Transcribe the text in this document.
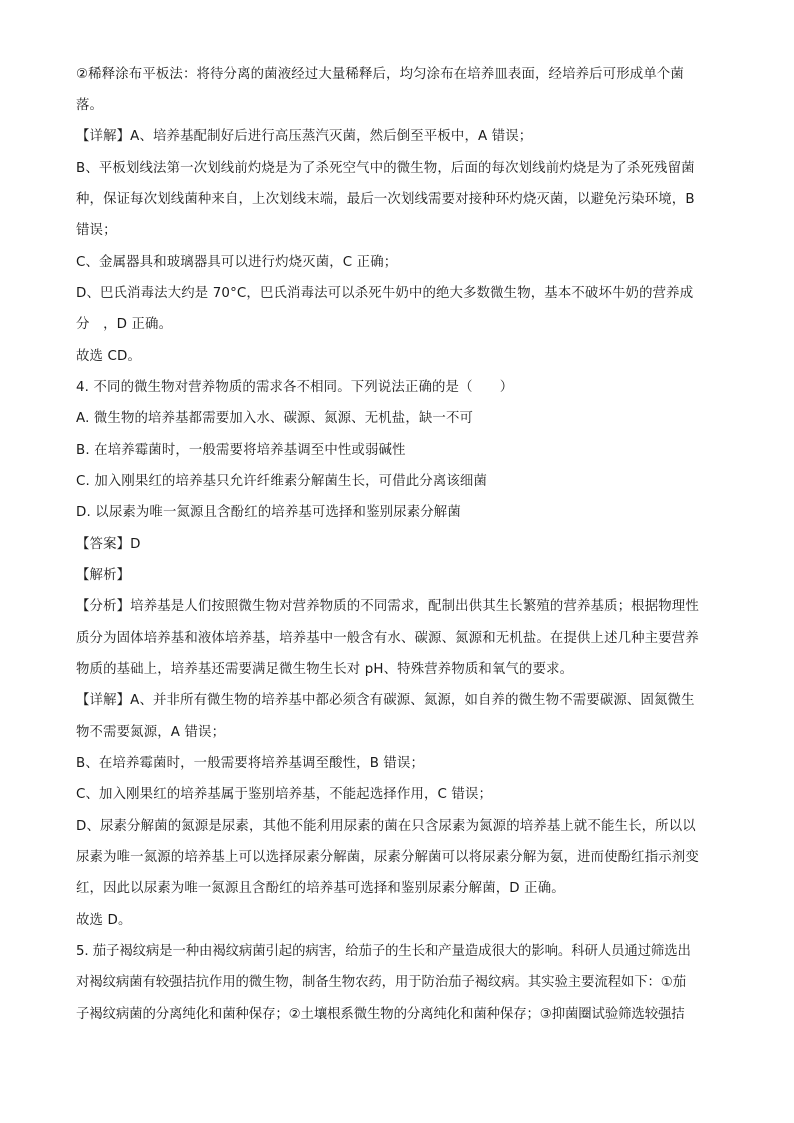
②稀释涂布平板法：将待分离的菌液经过大量稀释后，均匀涂布在培养皿表面，经培养后可形成单个菌
落。
【详解】A、培养基配制好后进行高压蒸汽灭菌，然后倒至平板中，A 错误；
B、平板划线法第一次划线前灼烧是为了杀死空气中的微生物，后面的每次划线前灼烧是为了杀死残留菌
种，保证每次划线菌种来自，上次划线末端，最后一次划线需要对接种环灼烧灭菌，以避免污染环境，B
错误；
C、金属器具和玻璃器具可以进行灼烧灭菌，C 正确；
D、巴氏消毒法大约是 70°C，巴氏消毒法可以杀死牛奶中的绝大多数微生物，基本不破坏牛奶的营养成
分　，D 正确。
故选 CD。
4. 不同的微生物对营养物质的需求各不相同。下列说法正确的是（　　）
A. 微生物的培养基都需要加入水、碳源、氮源、无机盐，缺一不可
B. 在培养霉菌时，一般需要将培养基调至中性或弱碱性
C. 加入刚果红的培养基只允许纤维素分解菌生长，可借此分离该细菌
D. 以尿素为唯一氮源且含酚红的培养基可选择和鉴别尿素分解菌
【答案】D
【解析】
【分析】培养基是人们按照微生物对营养物质的不同需求，配制出供其生长繁殖的营养基质；根据物理性
质分为固体培养基和液体培养基，培养基中一般含有水、碳源、氮源和无机盐。在提供上述几种主要营养
物质的基础上，培养基还需要满足微生物生长对 pH、特殊营养物质和氧气的要求。
【详解】A、并非所有微生物的培养基中都必须含有碳源、氮源，如自养的微生物不需要碳源、固氮微生
物不需要氮源，A 错误；
B、在培养霉菌时，一般需要将培养基调至酸性，B 错误；
C、加入刚果红的培养基属于鉴别培养基，不能起选择作用，C 错误；
D、尿素分解菌的氮源是尿素，其他不能利用尿素的菌在只含尿素为氮源的培养基上就不能生长，所以以
尿素为唯一氮源的培养基上可以选择尿素分解菌，尿素分解菌可以将尿素分解为氨，进而使酚红指示剂变
红，因此以尿素为唯一氮源且含酚红的培养基可选择和鉴别尿素分解菌，D 正确。
故选 D。
5. 茄子褐纹病是一种由褐纹病菌引起的病害，给茄子的生长和产量造成很大的影响。科研人员通过筛选出
对褐纹病菌有较强拮抗作用的微生物，制备生物农药，用于防治茄子褐纹病。其实验主要流程如下：①茄
子褐纹病菌的分离纯化和菌种保存；②土壤根系微生物的分离纯化和菌种保存；③抑菌圈试验筛选较强拮
